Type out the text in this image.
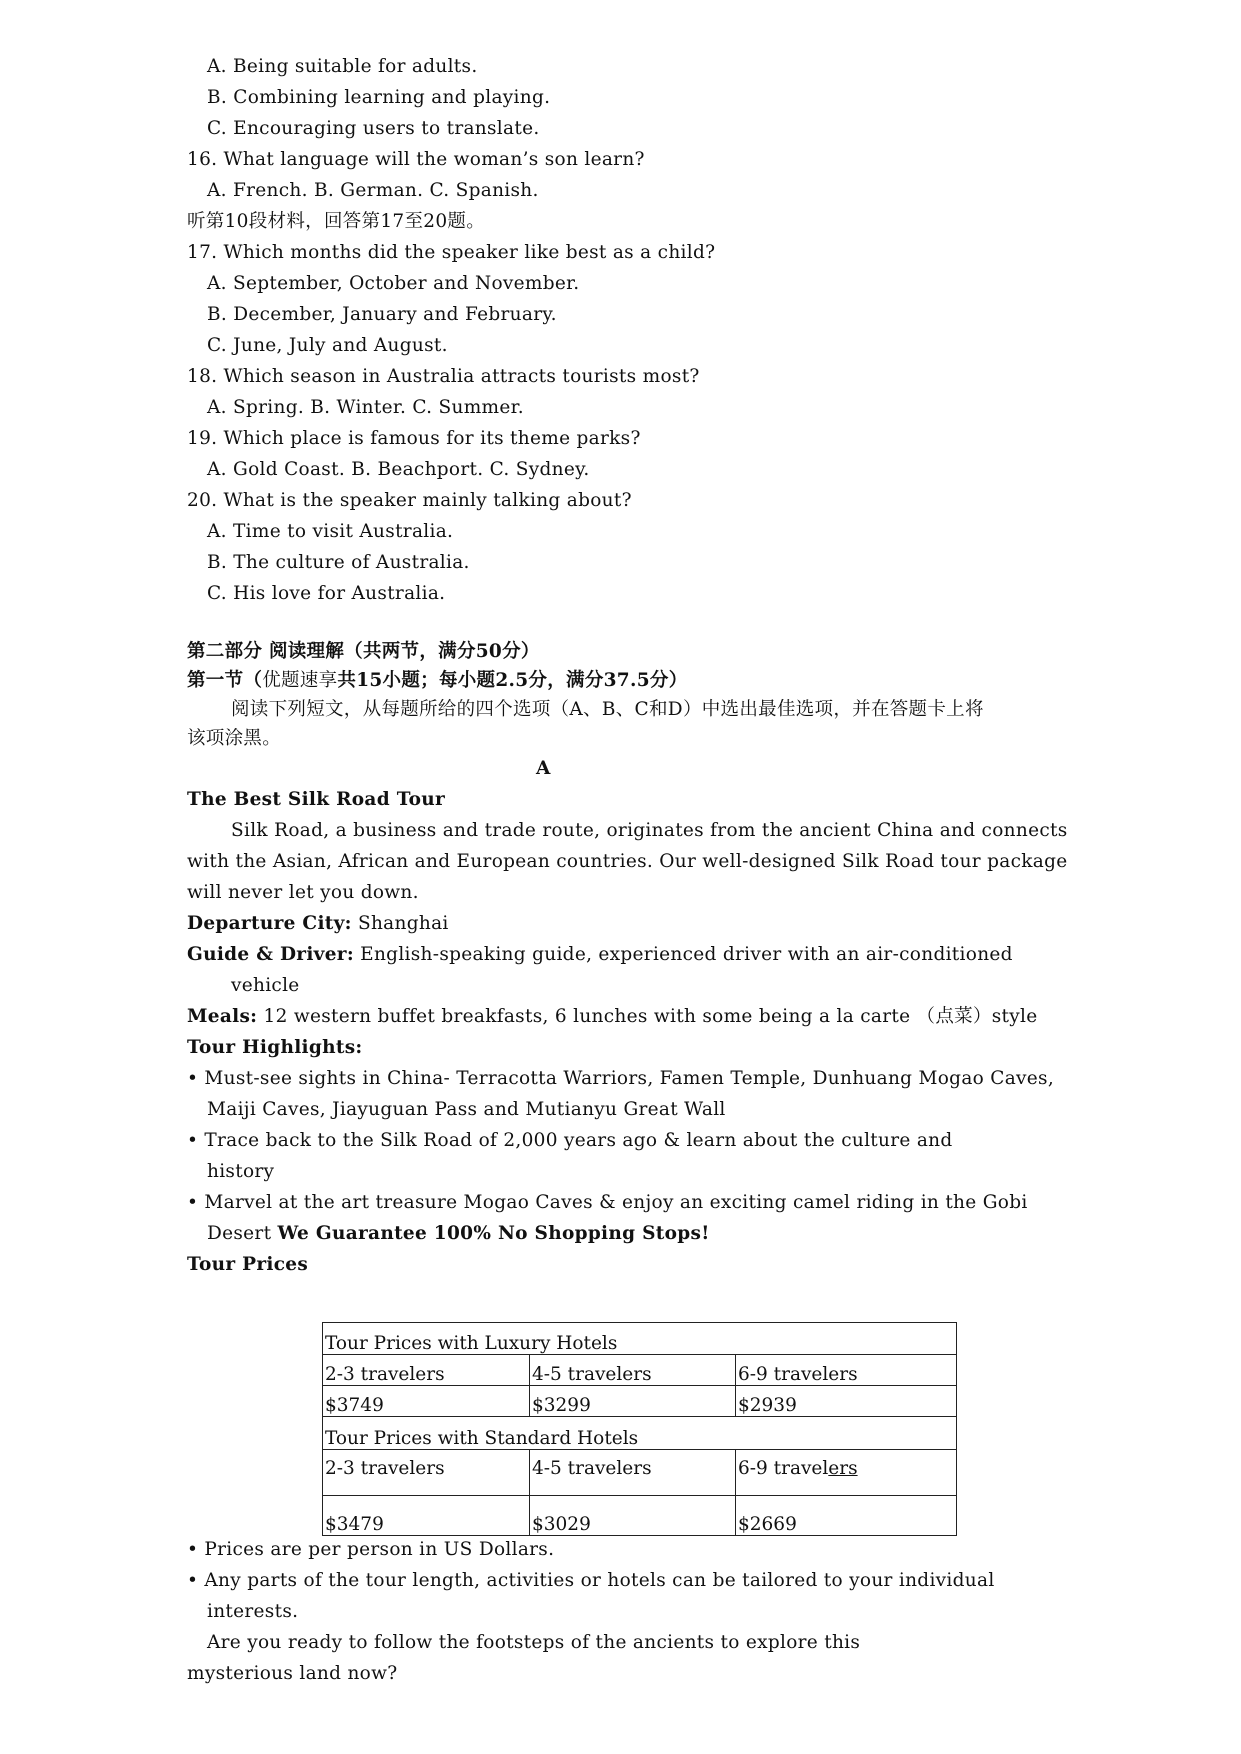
A. Being suitable for adults.
B. Combining learning and playing.
C. Encouraging users to translate.
16. What language will the woman’s son learn?
A. French. B. German. C. Spanish.
听第10段材料，回答第17至20题。
17. Which months did the speaker like best as a child?
A. September, October and November.
B. December, January and February.
C. June, July and August.
18. Which season in Australia attracts tourists most?
A. Spring. B. Winter. C. Summer.
19. Which place is famous for its theme parks?
A. Gold Coast. B. Beachport. C. Sydney.
20. What is the speaker mainly talking about?
A. Time to visit Australia.
B. The culture of Australia.
C. His love for Australia.
第二部分 阅读理解（共两节，满分50分）
第一节（优题速享共15小题；每小题2.5分，满分37.5分）
阅读下列短文，从每题所给的四个选项（A、B、C和D）中选出最佳选项，并在答题卡上将
该项涂黑。
A
The Best Silk Road Tour
Silk Road, a business and trade route, originates from the ancient China and connects
with the Asian, African and European countries. Our well-designed Silk Road tour package
will never let you down.
Departure City: Shanghai
Guide & Driver: English-speaking guide, experienced driver with an air-conditioned
vehicle
Meals: 12 western buffet breakfasts, 6 lunches with some being a la carte （点菜）style
Tour Highlights:
• Must-see sights in China- Terracotta Warriors, Famen Temple, Dunhuang Mogao Caves,
Maiji Caves, Jiayuguan Pass and Mutianyu Great Wall
• Trace back to the Silk Road of 2,000 years ago & learn about the culture and
history
• Marvel at the art treasure Mogao Caves & enjoy an exciting camel riding in the Gobi
Desert We Guarantee 100% No Shopping Stops!
Tour Prices
Tour Prices with Luxury Hotels		
2-3 travelers	4-5 travelers	6-9 travelers
$3749	$3299	$2939
Tour Prices with Standard Hotels		
2-3 travelers	4-5 travelers	6-9 travelers
$3479	$3029	$2669
• Prices are per person in US Dollars.
• Any parts of the tour length, activities or hotels can be tailored to your individual
interests.
Are you ready to follow the footsteps of the ancients to explore this
mysterious land now?
